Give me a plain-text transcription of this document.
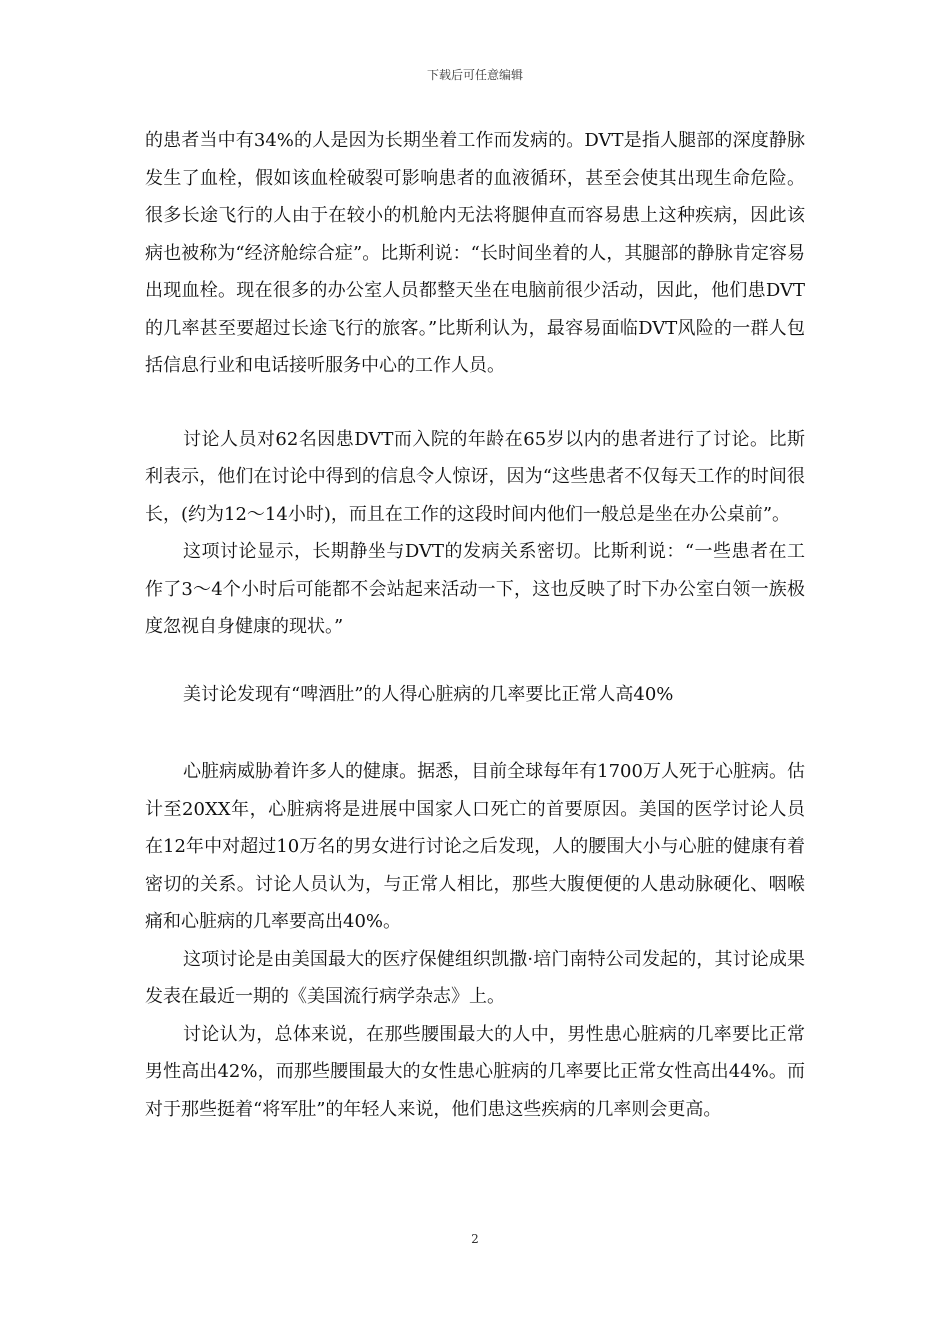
下载后可任意编辑

的患者当中有34%的人是因为长期坐着工作而发病的。DVT是指人腿部的深度静脉发生了血栓，假如该血栓破裂可影响患者的血液循环，甚至会使其出现生命危险。很多长途飞行的人由于在较小的机舱内无法将腿伸直而容易患上这种疾病，因此该病也被称为“经济舱综合症”。比斯利说：“长时间坐着的人，其腿部的静脉肯定容易出现血栓。现在很多的办公室人员都整天坐在电脑前很少活动，因此，他们患DVT的几率甚至要超过长途飞行的旅客。”比斯利认为，最容易面临DVT风险的一群人包括信息行业和电话接听服务中心的工作人员。

讨论人员对62名因患DVT而入院的年龄在65岁以内的患者进行了讨论。比斯利表示，他们在讨论中得到的信息令人惊讶，因为“这些患者不仅每天工作的时间很长，(约为12～14小时)，而且在工作的这段时间内他们一般总是坐在办公桌前”。

这项讨论显示，长期静坐与DVT的发病关系密切。比斯利说：“一些患者在工作了3～4个小时后可能都不会站起来活动一下，这也反映了时下办公室白领一族极度忽视自身健康的现状。”

美讨论发现有“啤酒肚”的人得心脏病的几率要比正常人高40%

心脏病威胁着许多人的健康。据悉，目前全球每年有1700万人死于心脏病。估计至20XX年，心脏病将是进展中国家人口死亡的首要原因。美国的医学讨论人员在12年中对超过10万名的男女进行讨论之后发现，人的腰围大小与心脏的健康有着密切的关系。讨论人员认为，与正常人相比，那些大腹便便的人患动脉硬化、咽喉痛和心脏病的几率要高出40%。

这项讨论是由美国最大的医疗保健组织凯撒·培门南特公司发起的，其讨论成果发表在最近一期的《美国流行病学杂志》上。

讨论认为，总体来说，在那些腰围最大的人中，男性患心脏病的几率要比正常男性高出42%，而那些腰围最大的女性患心脏病的几率要比正常女性高出44%。而对于那些挺着“将军肚”的年轻人来说，他们患这些疾病的几率则会更高。

2
